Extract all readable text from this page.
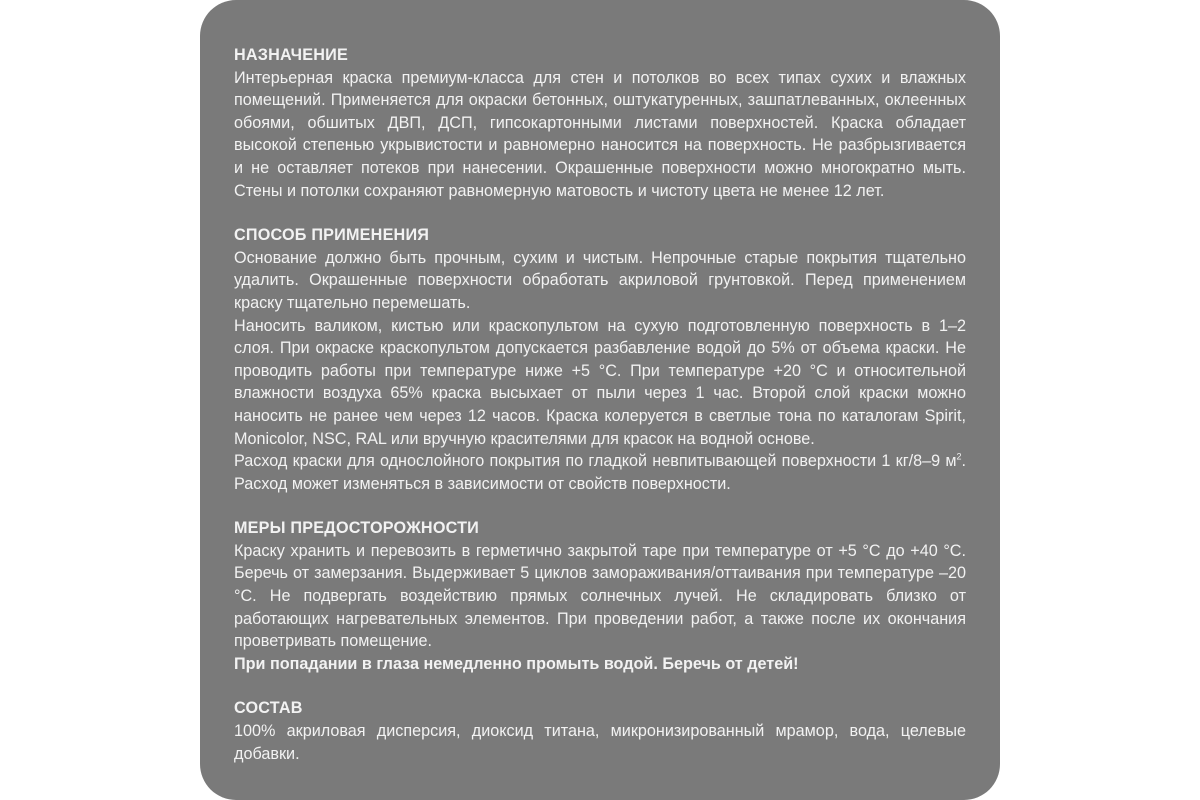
НАЗНАЧЕНИЕ
Интерьерная краска премиум-класса для стен и потолков во всех типах сухих и влажных помещений. Применяется для окраски бетонных, оштукатуренных, зашпатлеванных, оклеенных обоями, обшитых ДВП, ДСП, гипсокартонными листами поверхностей. Краска обладает высокой степенью укрывистости и равномерно наносится на поверхность. Не разбрызгивается и не оставляет потеков при нанесении. Окрашенные поверхности можно многократно мыть. Стены и потолки сохраняют равномерную матовость и чистоту цвета не менее 12 лет.
СПОСОБ ПРИМЕНЕНИЯ
Основание должно быть прочным, сухим и чистым. Непрочные старые покрытия тщательно удалить. Окрашенные поверхности обработать акриловой грунтовкой. Перед применением краску тщательно перемешать.
Наносить валиком, кистью или краскопультом на сухую подготовленную поверхность в 1–2 слоя. При окраске краскопультом допускается разбавление водой до 5% от объема краски. Не проводить работы при температуре ниже +5 °С. При температуре +20 °С и относительной влажности воздуха 65% краска высыхает от пыли через 1 час. Второй слой краски можно наносить не ранее чем через 12 часов. Краска колеруется в светлые тона по каталогам Spirit, Monicolor, NSC, RAL или вручную красителями для красок на водной основе.
Расход краски для однослойного покрытия по гладкой невпитывающей поверхности 1 кг/8–9 $м^2$. Расход может изменяться в зависимости от свойств поверхности.
МЕРЫ ПРЕДОСТОРОЖНОСТИ
Краску хранить и перевозить в герметично закрытой таре при температуре от +5 °С до +40 °С. Беречь от замерзания. Выдерживает 5 циклов замораживания/оттаивания при температуре –20 °С. Не подвергать воздействию прямых солнечных лучей. Не складировать близко от работающих нагревательных элементов. При проведении работ, а также после их окончания проветривать помещение.
При попадании в глаза немедленно промыть водой. Беречь от детей!
СОСТАВ
100% акриловая дисперсия, диоксид титана, микронизированный мрамор, вода, целевые добавки.
